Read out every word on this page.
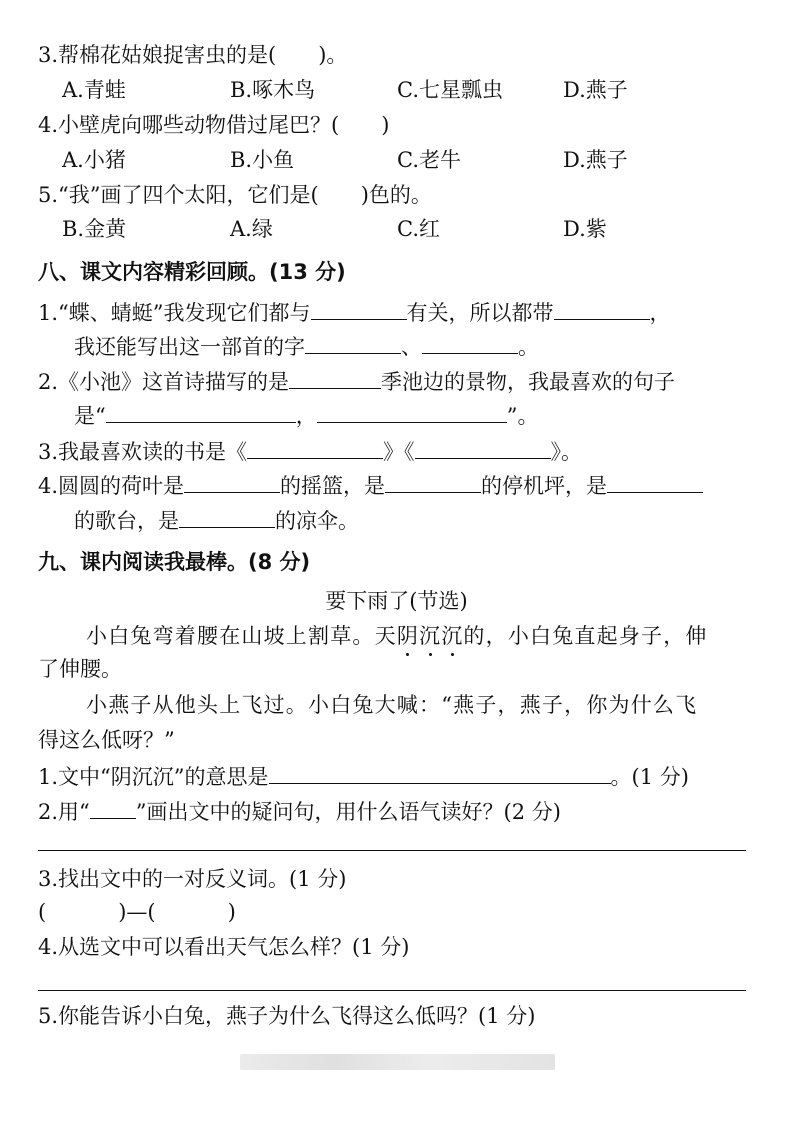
3.帮棉花姑娘捉害虫的是(　　)。
A.青蛙	B.啄木鸟	C.七星瓢虫	D.燕子
4.小壁虎向哪些动物借过尾巴？(　　)
A.小猪	B.小鱼	C.老牛	D.燕子
5.“我”画了四个太阳，它们是(　　)色的。
B.金黄	A.绿	C.红	D.紫
八、课文内容精彩回顾。(13 分)
1.“蝶、蜻蜓”我发现它们都与	有关，所以都带	，
我还能写出这一部首的字	、	。
2.《小池》这首诗描写的是	季池边的景物，我最喜欢的句子
是“	，	”。
3.我最喜欢读的书是《	》《	》。
4.圆圆的荷叶是	的摇篮，是	的停机坪，是
的歌台，是	的凉伞。
九、课内阅读我最棒。(8 分)
要下雨了(节选)
小白兔弯着腰在山坡上割草。天阴沉沉的，小白兔直起身子，伸
了伸腰。
小燕子从他头上飞过。小白兔大喊：“燕子，燕子，你为什么飞
得这么低呀？”
1.文中“阴沉沉”的意思是	。(1 分)
2.用“ ”画出文中的疑问句，用什么语气读好？(2 分)
3.找出文中的一对反义词。(1 分)
(	)—(	)
4.从选文中可以看出天气怎么样？(1 分)
5.你能告诉小白兔，燕子为什么飞得这么低吗？(1 分)
